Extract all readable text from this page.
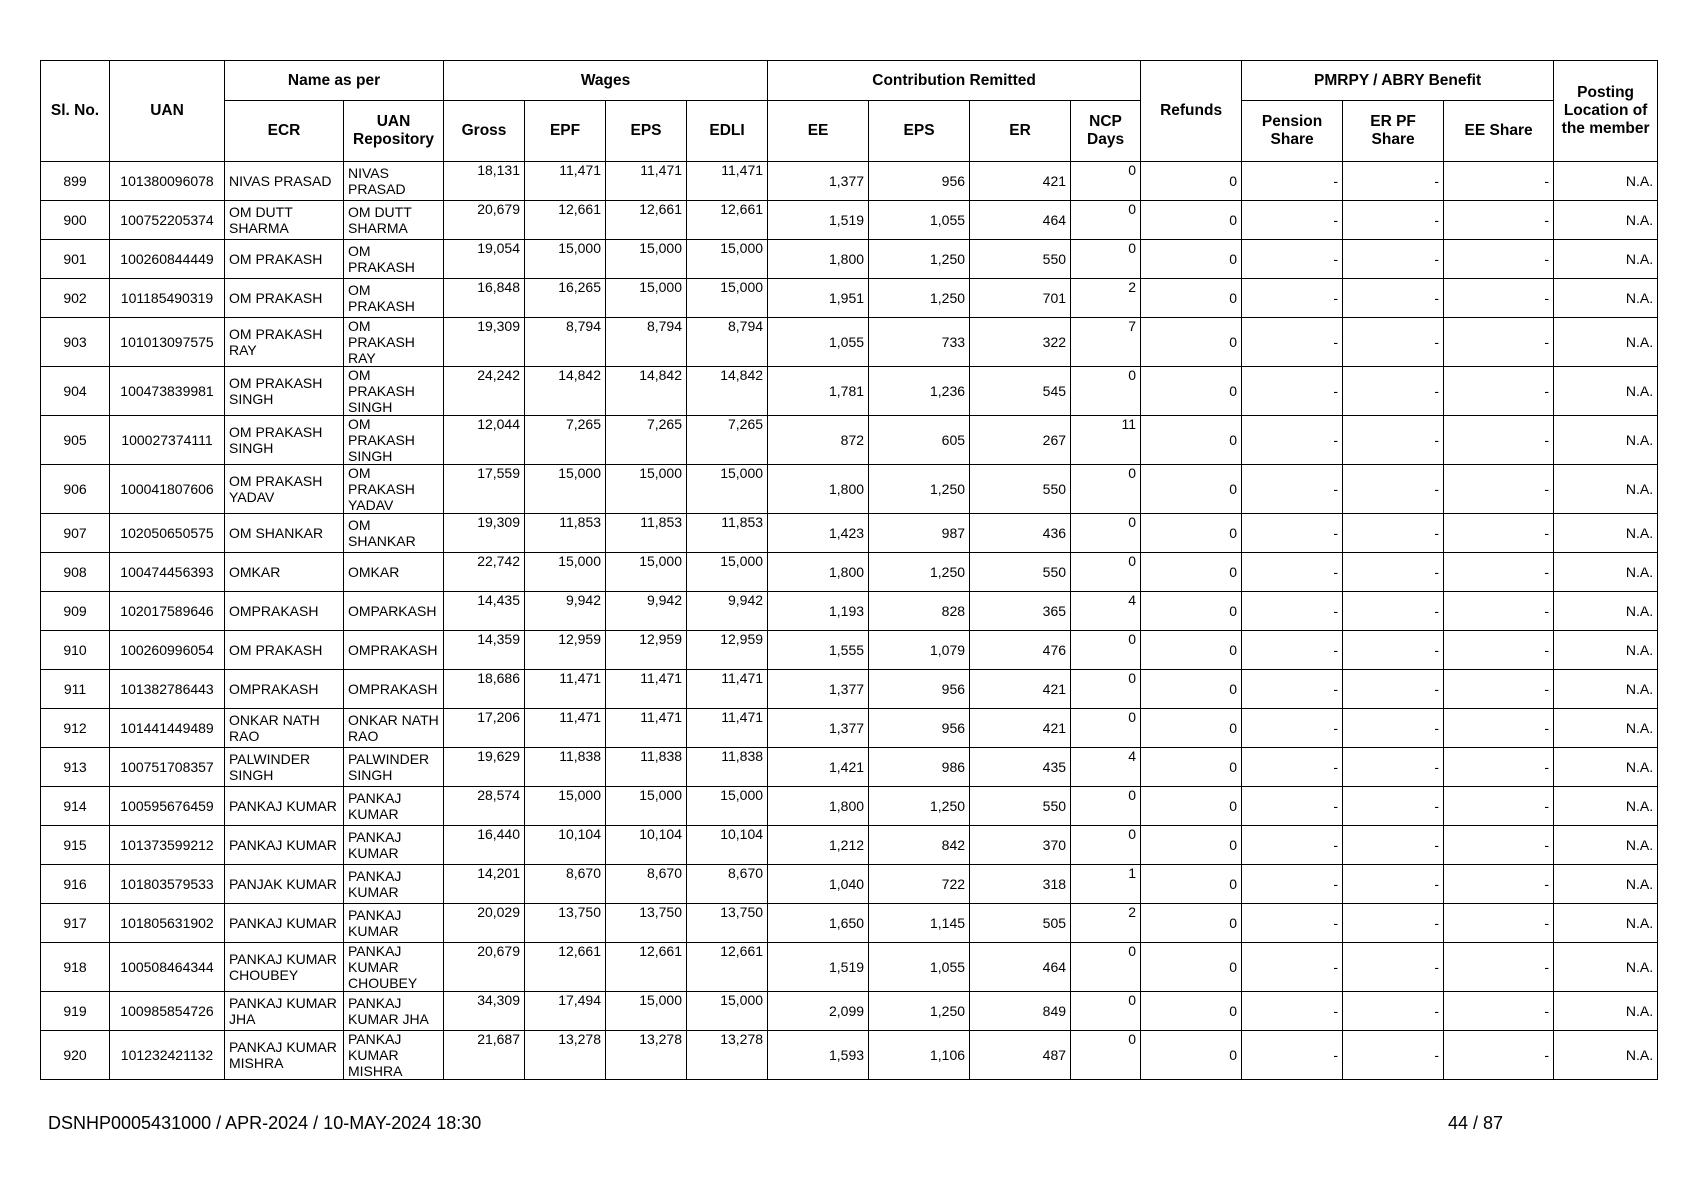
Sl. No.	UAN	Name as per		Wages				Contribution Remitted				Refunds	PMRPY / ABRY Benefit			Posting Location of the member
		ECR	UAN Repository	Gross	EPF	EPS	EDLI	EE	EPS	ER	NCP Days		Pension Share	ER PF Share	EE Share	
899	101380096078	NIVAS PRASAD	NIVAS PRASAD	18,131	11,471	11,471	11,471	1,377	956	421	0	0	-	-	-	N.A.
900	100752205374	OM DUTT SHARMA	OM DUTT SHARMA	20,679	12,661	12,661	12,661	1,519	1,055	464	0	0	-	-	-	N.A.
901	100260844449	OM PRAKASH	OM PRAKASH	19,054	15,000	15,000	15,000	1,800	1,250	550	0	0	-	-	-	N.A.
902	101185490319	OM PRAKASH	OM PRAKASH	16,848	16,265	15,000	15,000	1,951	1,250	701	2	0	-	-	-	N.A.
903	101013097575	OM PRAKASH RAY	OM PRAKASH RAY	19,309	8,794	8,794	8,794	1,055	733	322	7	0	-	-	-	N.A.
904	100473839981	OM PRAKASH SINGH	OM PRAKASH SINGH	24,242	14,842	14,842	14,842	1,781	1,236	545	0	0	-	-	-	N.A.
905	100027374111	OM PRAKASH SINGH	OM PRAKASH SINGH	12,044	7,265	7,265	7,265	872	605	267	11	0	-	-	-	N.A.
906	100041807606	OM PRAKASH YADAV	OM PRAKASH YADAV	17,559	15,000	15,000	15,000	1,800	1,250	550	0	0	-	-	-	N.A.
907	102050650575	OM SHANKAR	OM SHANKAR	19,309	11,853	11,853	11,853	1,423	987	436	0	0	-	-	-	N.A.
908	100474456393	OMKAR	OMKAR	22,742	15,000	15,000	15,000	1,800	1,250	550	0	0	-	-	-	N.A.
909	102017589646	OMPRAKASH	OMPARKASH	14,435	9,942	9,942	9,942	1,193	828	365	4	0	-	-	-	N.A.
910	100260996054	OM PRAKASH	OMPRAKASH	14,359	12,959	12,959	12,959	1,555	1,079	476	0	0	-	-	-	N.A.
911	101382786443	OMPRAKASH	OMPRAKASH	18,686	11,471	11,471	11,471	1,377	956	421	0	0	-	-	-	N.A.
912	101441449489	ONKAR NATH RAO	ONKAR NATH RAO	17,206	11,471	11,471	11,471	1,377	956	421	0	0	-	-	-	N.A.
913	100751708357	PALWINDER SINGH	PALWINDER SINGH	19,629	11,838	11,838	11,838	1,421	986	435	4	0	-	-	-	N.A.
914	100595676459	PANKAJ KUMAR	PANKAJ KUMAR	28,574	15,000	15,000	15,000	1,800	1,250	550	0	0	-	-	-	N.A.
915	101373599212	PANKAJ KUMAR	PANKAJ KUMAR	16,440	10,104	10,104	10,104	1,212	842	370	0	0	-	-	-	N.A.
916	101803579533	PANJAK KUMAR	PANKAJ KUMAR	14,201	8,670	8,670	8,670	1,040	722	318	1	0	-	-	-	N.A.
917	101805631902	PANKAJ KUMAR	PANKAJ KUMAR	20,029	13,750	13,750	13,750	1,650	1,145	505	2	0	-	-	-	N.A.
918	100508464344	PANKAJ KUMAR CHOUBEY	PANKAJ KUMAR CHOUBEY	20,679	12,661	12,661	12,661	1,519	1,055	464	0	0	-	-	-	N.A.
919	100985854726	PANKAJ KUMAR JHA	PANKAJ KUMAR JHA	34,309	17,494	15,000	15,000	2,099	1,250	849	0	0	-	-	-	N.A.
920	101232421132	PANKAJ KUMAR MISHRA	PANKAJ KUMAR MISHRA	21,687	13,278	13,278	13,278	1,593	1,106	487	0	0	-	-	-	N.A.
DSNHP0005431000 / APR-2024 / 10-MAY-2024 18:30	44 / 87
